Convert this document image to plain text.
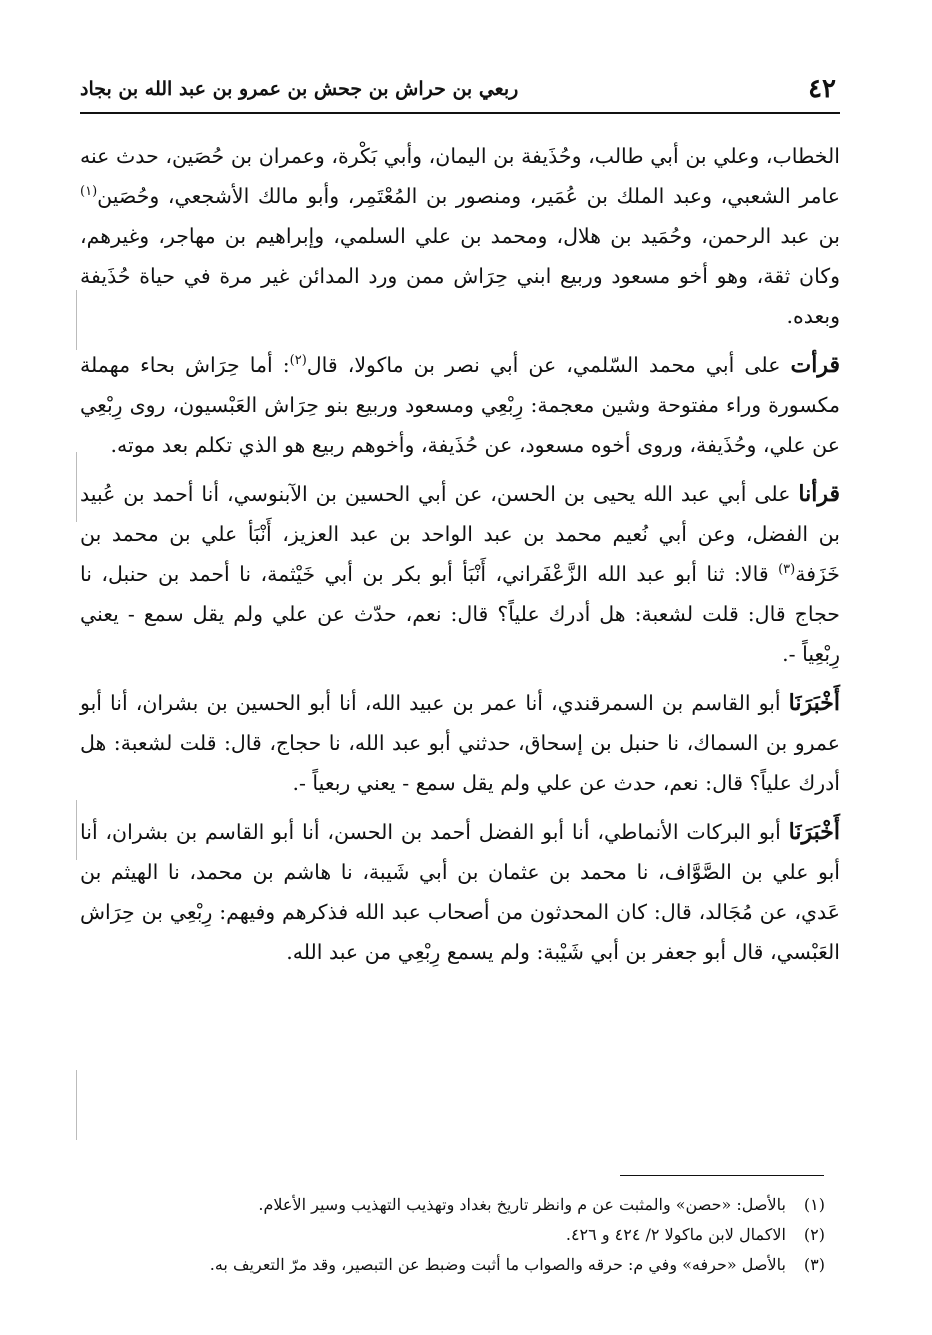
٤٢
ربعي بن حراش بن جحش بن عمرو بن عبد الله بن بجاد

الخطاب، وعلي بن أبي طالب، وحُذَيفة بن اليمان، وأبي بَكْرة، وعمران بن حُصَين، حدث عنه عامر الشعبي، وعبد الملك بن عُمَير، ومنصور بن المُعْتَمِر، وأبو مالك الأشجعي، وحُصَين$^{(١)}$ بن عبد الرحمن، وحُمَيد بن هلال، ومحمد بن علي السلمي، وإبراهيم بن مهاجر، وغيرهم، وكان ثقة، وهو أخو مسعود وربيع ابني حِرَاش ممن ورد المدائن غير مرة في حياة حُذَيفة وبعده.

قرأت على أبي محمد السّلمي، عن أبي نصر بن ماكولا، قال$^{(٢)}$: أما حِرَاش بحاء مهملة مكسورة وراء مفتوحة وشين معجمة: رِبْعِي ومسعود وربيع بنو حِرَاش العَبْسيون، روى رِبْعِي عن علي، وحُذَيفة، وروى أخوه مسعود، عن حُذَيفة، وأخوهم ربيع هو الذي تكلم بعد موته.

قرأنا على أبي عبد الله يحيى بن الحسن، عن أبي الحسين بن الآبنوسي، أنا أحمد بن عُبيد بن الفضل، وعن أبي نُعيم محمد بن عبد الواحد بن عبد العزيز، أَنْبَأ علي بن محمد بن خَزَفة$^{(٣)}$ قالا: ثنا أبو عبد الله الزَّعْفَراني، أَنْبَأ أبو بكر بن أبي خَيْثمة، نا أحمد بن حنبل، نا حجاج قال: قلت لشعبة: هل أدرك علياً؟ قال: نعم، حدّث عن علي ولم يقل سمع - يعني رِبْعِياً -.

أَخْبَرَنَا أبو القاسم بن السمرقندي، أنا عمر بن عبيد الله، أنا أبو الحسين بن بشران، أنا أبو عمرو بن السماك، نا حنبل بن إسحاق، حدثني أبو عبد الله، نا حجاج، قال: قلت لشعبة: هل أدرك علياً؟ قال: نعم، حدث عن علي ولم يقل سمع - يعني ربعياً -.

أَخْبَرَنَا أبو البركات الأنماطي، أنا أبو الفضل أحمد بن الحسن، أنا أبو القاسم بن بشران، أنا أبو علي بن الصَّوَّاف، نا محمد بن عثمان بن أبي شَيبة، نا هاشم بن محمد، نا الهيثم بن عَدي، عن مُجَالد، قال: كان المحدثون من أصحاب عبد الله فذكرهم وفيهم: رِبْعِي بن حِرَاش العَبْسي، قال أبو جعفر بن أبي شَيْبة: ولم يسمع رِبْعِي من عبد الله.

(١) بالأصل: «حصن» والمثبت عن م وانظر تاريخ بغداد وتهذيب التهذيب وسير الأعلام.

(٢) الاكمال لابن ماكولا ٢/ ٤٢٤ و ٤٢٦.

(٣) بالأصل «حرفه» وفي م: حرقه والصواب ما أثبت وضبط عن التبصير، وقد مرّ التعريف به.
